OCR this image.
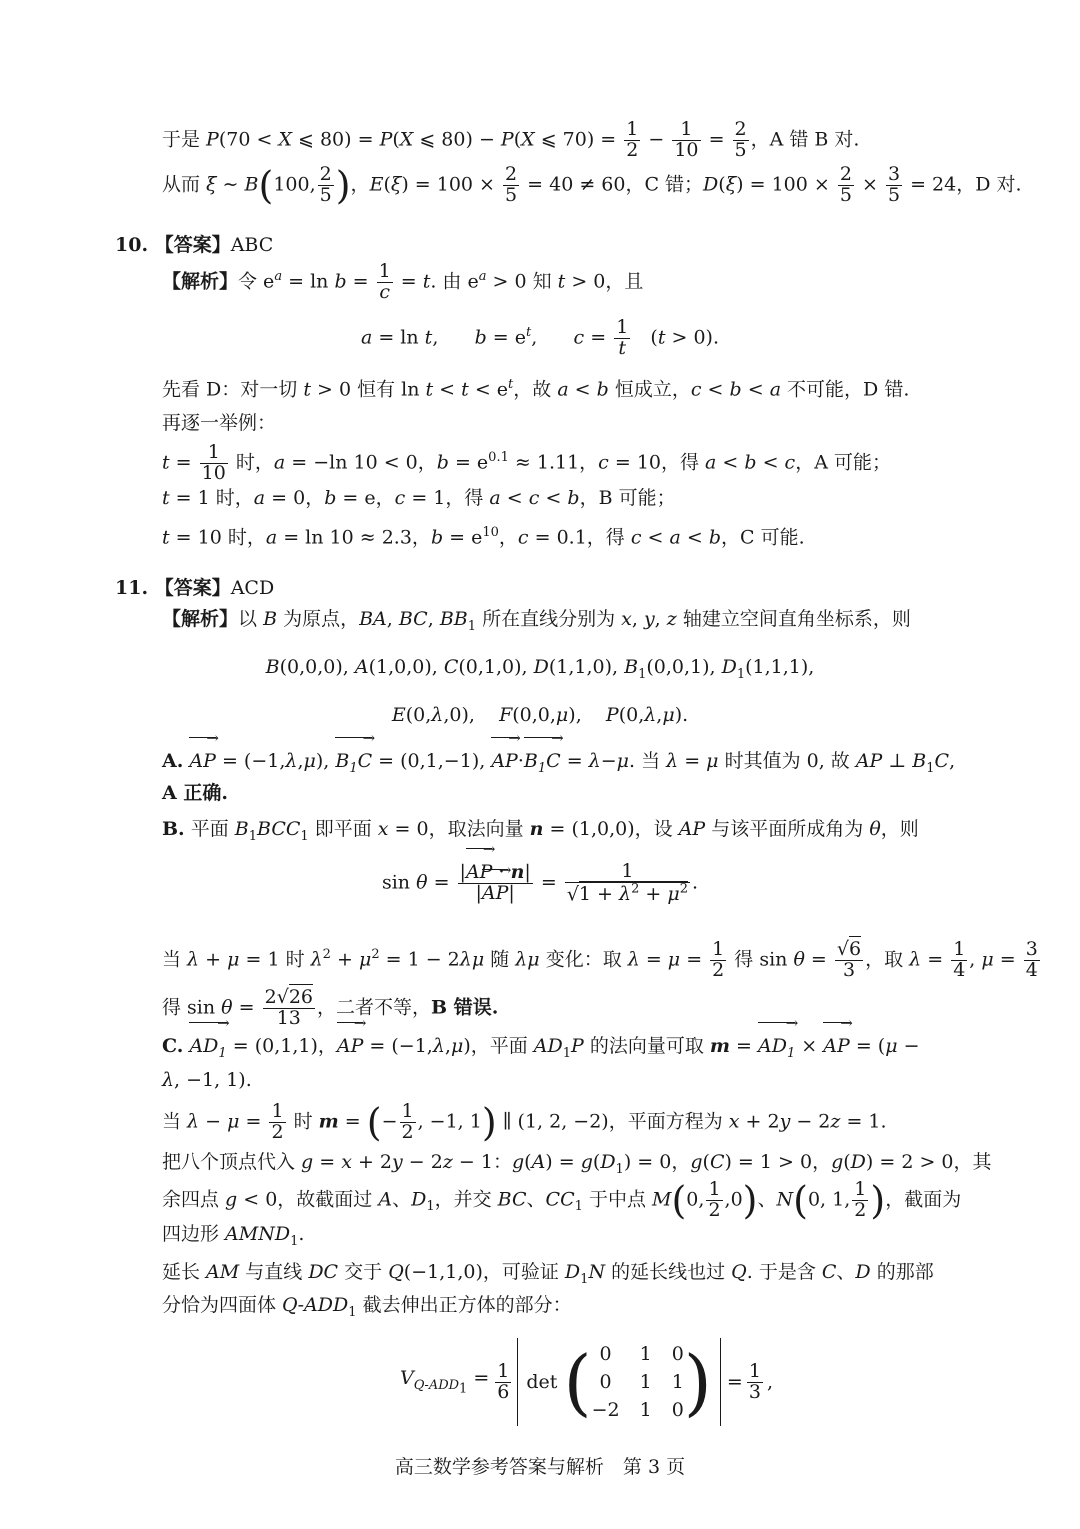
于是 P(70 < X ⩽ 80) = P(X ⩽ 80) − P(X ⩽ $70) = \frac{1}{2} - \frac{1}{10} = \frac{2}{5}$ ，A 错 B 对.
从而 ξ ∼ B(100, $\frac{2}{5}$ )，$E(\xi) = 100 \times \frac{2}{5} = 40 \ne 60$，C 错；$D(\xi) = 100 \times \frac{2}{5} \times \frac{3}{5} = 24$，D 对.
10. 【答案】ABC
【解析】令 $e^a = \ln b = \frac{1}{c} = t$. 由 $e^a > 0$ 知 t > 0，且
a = ln t,      $b = e^t$,      $c = \frac{1}{t} (t > 0)$.
先看 D：对一切 t > 0 恒有 $\ln t < t < e^t$，故 a < b 恒成立，c < b < a 不可能，D 错.
再逐一举例：
$t = \frac{1}{10}$ 时，a = −ln 10 < 0，$b = e^{0.1} \approx 1.11$，c = 10，得 a < b < c，A 可能；
t = 1 时，a = 0，b = e，c = 1，得 a < c < b，B 可能；
t = 10 时，a = ln 10 ≈ 2.3，$b = e^{10}$，c = 0.1，得 c < a < b，C 可能.
11. 【答案】ACD
【解析】以 B 为原点，BA, BC, $BB_1$ 所在直线分别为 x, y, z 轴建立空间直角坐标系，则
B(0,0,0), A(1,0,0), C(0,1,0), D(1,1,0), $B_1(0,0,1)$, $D_1(1,1,1)$,
E(0,λ,0),    F(0,0,μ),    P(0,λ,μ).
A. → AP = (−1,λ,μ), → $B_1C = (0,1,-1)$, → $AP\cdot\to B_1C = \lambda-\mu$. 当 λ = μ 时其值为 0, 故 AP ⊥ $B_1C$,
A 正确.
B. 平面 $B_1BCC_1$ 即平面 x = 0，取法向量 n = (1,0,0)，设 AP 与该平面所成角为 θ，则
$\sin \theta = \frac{|\to AP \cdot n|}{|\to AP|} = \frac{1}{√1 + \lambda^2 + \mu^2}$ .
当 λ + μ = 1 时 $\lambda^2 + \mu^2 = 1 - 2\lambda\mu$ 随 λμ 变化：取 $\lambda = \mu = \frac{1}{2}$ 得 $\sin \theta = \frac{√6}{3}$ ，取 $\lambda = \frac{1}{4}$ , $\mu = \frac{3}{4}$
得 $\sin \theta = \frac{2√26}{13}$ ，二者不等，B 错误.
C. → $AD_1 = (0,1,1)$，→ AP = (−1,λ,μ)，平面 $AD_1P$ 的法向量可取 m = → $AD_1$ × → AP = (μ −
λ, −1, 1).
当 $\lambda - \mu = \frac{1}{2}$ 时 m = (− $\frac{1}{2}$ , −1, 1) ∥ (1, 2, −2)，平面方程为 x + 2y − 2z = 1.
把八个顶点代入 g = x + 2y − 2z − 1：$g(A) = g(D_1) = 0$，g(C) = 1 > 0，g(D) = 2 > 0，其
余四点 g < 0，故截面过 A、$D_1$，并交 BC、$CC_1$ 于中点 M(0, $\frac{1}{2} ,0$)、N(0, 1, $\frac{1}{2}$ )，截面为
四边形 $AMND_1$.
延长 AM 与直线 DC 交于 Q(−1,1,0)，可验证 $D_1N$ 的延长线也过 Q. 于是含 C、D 的那部
分恰为四面体 $Q-ADD_1$ 截去伸出正方体的部分：
$V_{Q-ADD_1} = \frac{1}{6}$ det ( 0	1 0
0	1 1
−2 1 0 ) = $\frac{1}{3}$ ,
高三数学参考答案与解析　第 3 页
